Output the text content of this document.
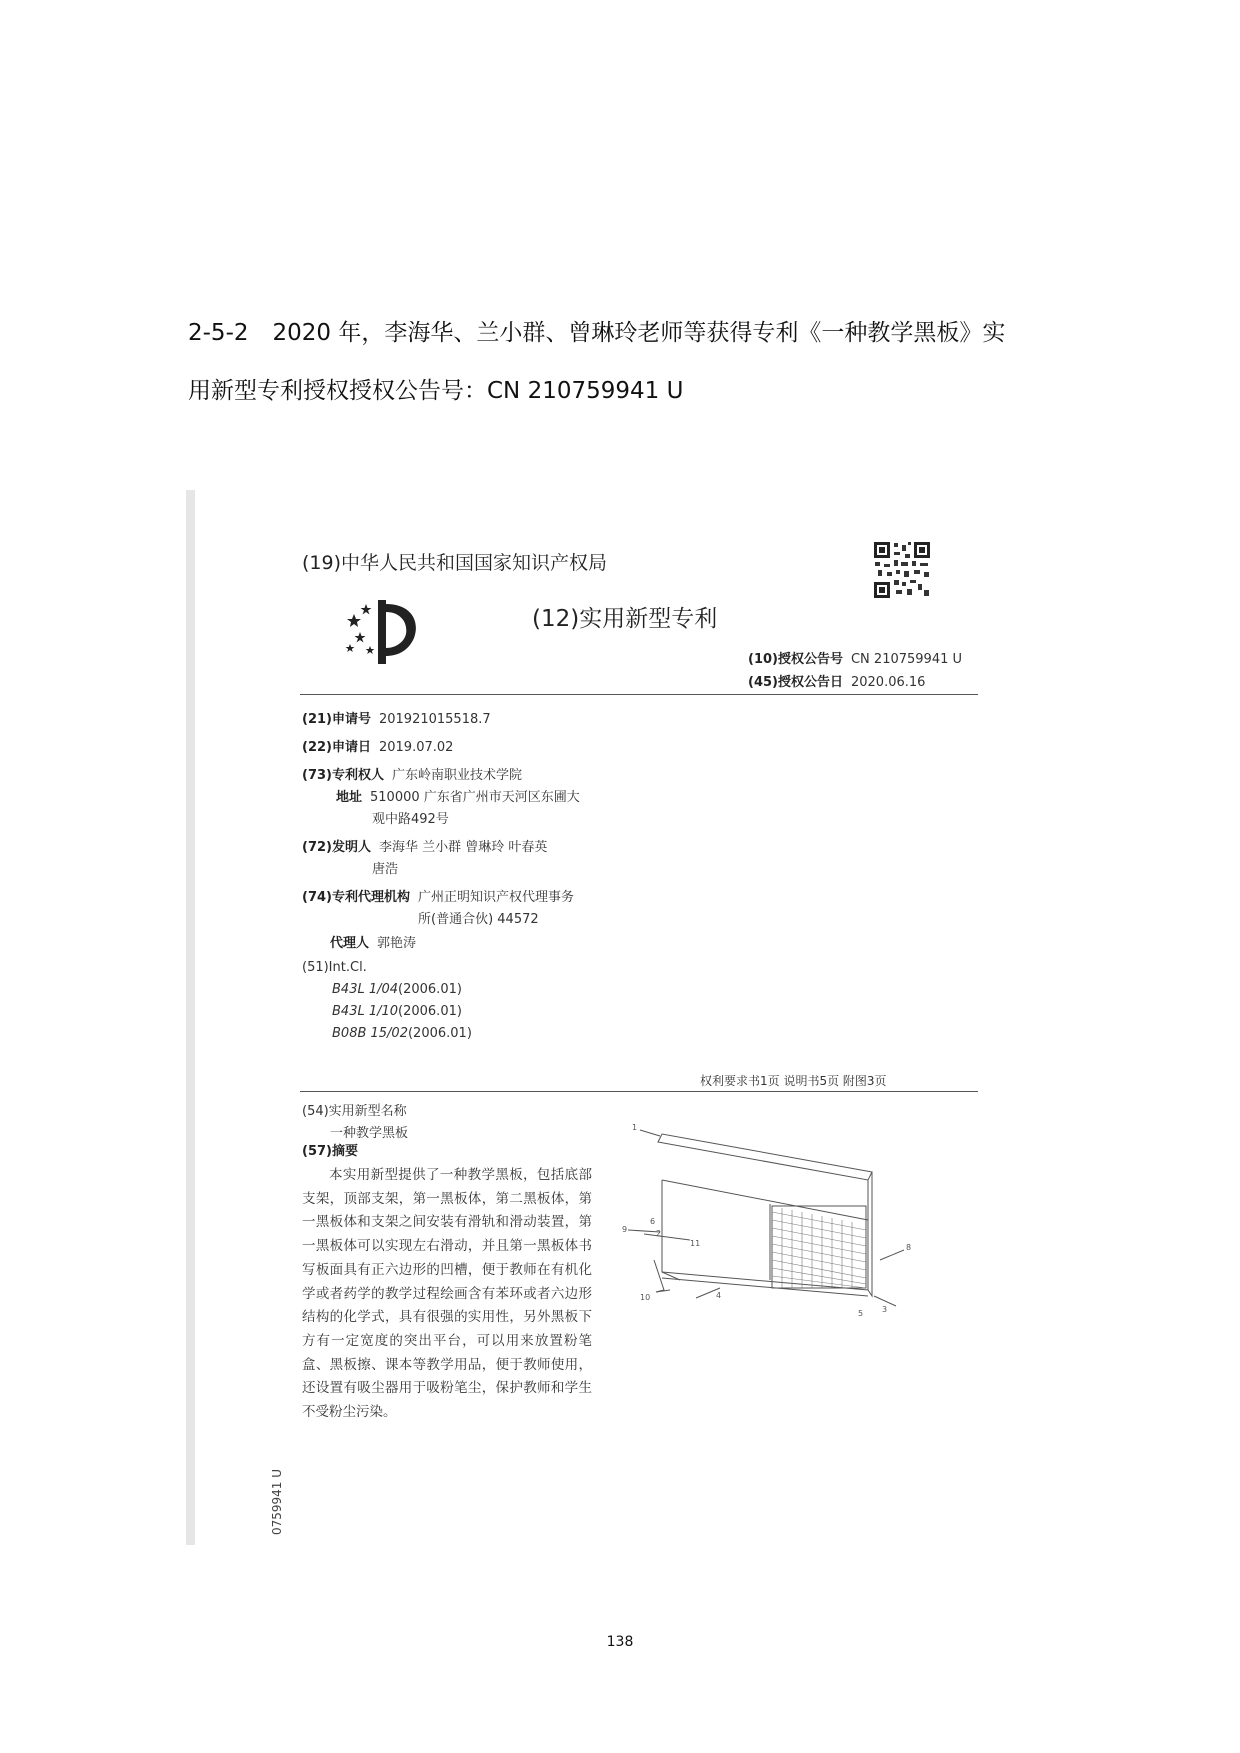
2-5-2 2020 年，李海华、兰小群、曾琳玲老师等获得专利《一种教学黑板》实
用新型专利授权授权公告号：CN 210759941 U
(19)中华人民共和国国家知识产权局
(12)实用新型专利
(10)授权公告号 CN 210759941 U
(45)授权公告日 2020.06.16
(21)申请号 201921015518.7
(22)申请日 2019.07.02
(73)专利权人 广东岭南职业技术学院
地址 510000 广东省广州市天河区东圃大
观中路492号
(72)发明人 李海华 兰小群 曾琳玲 叶春英
唐浩
(74)专利代理机构 广州正明知识产权代理事务
所(普通合伙) 44572
代理人 郭艳涛
(51)Int.Cl.
B43L 1/04(2006.01)
B43L 1/10(2006.01)
B08B 15/02(2006.01)
权利要求书1页 说明书5页 附图3页
(54)实用新型名称
一种教学黑板
(57)摘要

本实用新型提供了一种教学黑板，包括底部支架，顶部支架，第一黑板体，第二黑板体，第一黑板体和支架之间安装有滑轨和滑动装置，第一黑板体可以实现左右滑动，并且第一黑板体书写板面具有正六边形的凹槽，便于教师在有机化学或者药学的教学过程绘画含有苯环或者六边形结构的化学式，具有很强的实用性，另外黑板下方有一定宽度的突出平台，可以用来放置粉笔盒、黑板擦、课本等教学用品，便于教师使用，还设置有吸尘器用于吸粉笔尘，保护教师和学生不受粉尘污染。

1
2
3
4
5
6
8
9
10
11
0759941 U
138
